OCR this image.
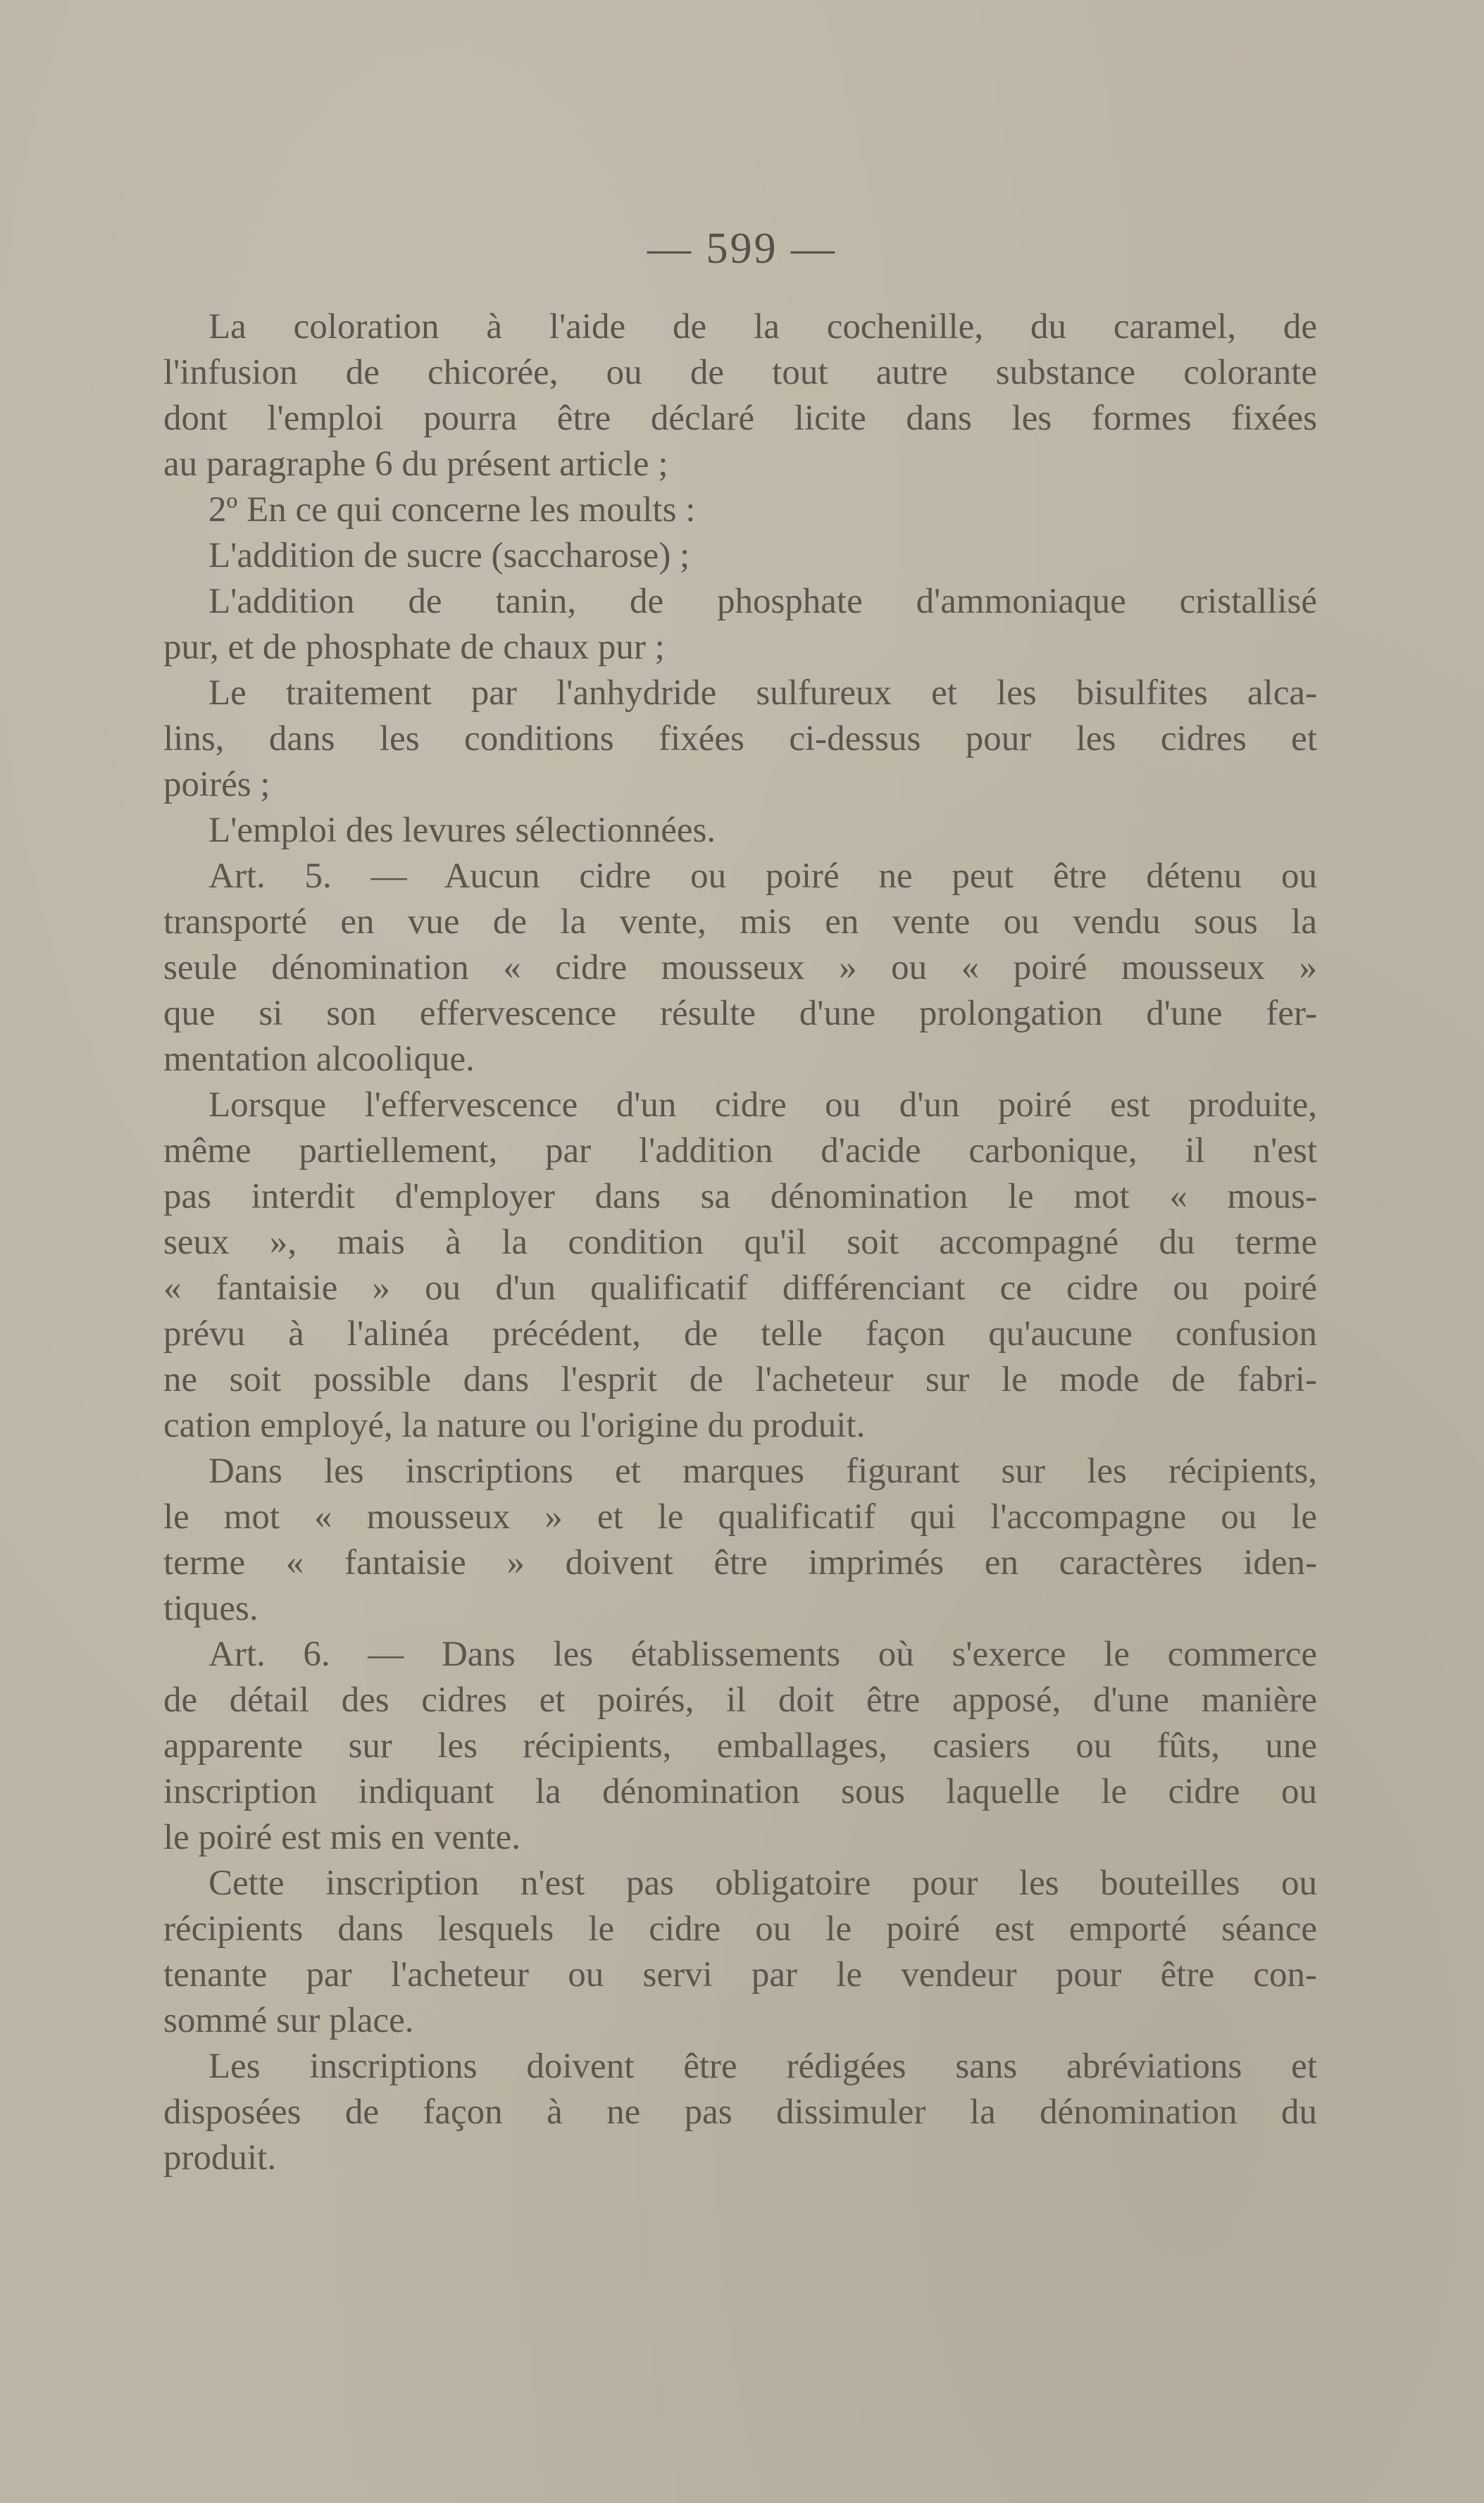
— 599 —
La coloration à l'aide de la cochenille, du caramel, de
l'infusion de chicorée, ou de tout autre substance colorante
dont l'emploi pourra être déclaré licite dans les formes fixées
au paragraphe 6 du présent article ;
2º En ce qui concerne les moults :
L'addition de sucre (saccharose) ;
L'addition de tanin, de phosphate d'ammoniaque cristallisé
pur, et de phosphate de chaux pur ;
Le traitement par l'anhydride sulfureux et les bisulfites alca-
lins, dans les conditions fixées ci-dessus pour les cidres et
poirés ;
L'emploi des levures sélectionnées.
Art. 5. — Aucun cidre ou poiré ne peut être détenu ou
transporté en vue de la vente, mis en vente ou vendu sous la
seule dénomination « cidre mousseux » ou « poiré mousseux »
que si son effervescence résulte d'une prolongation d'une fer-
mentation alcoolique.
Lorsque l'effervescence d'un cidre ou d'un poiré est produite,
même partiellement, par l'addition d'acide carbonique, il n'est
pas interdit d'employer dans sa dénomination le mot « mous-
seux », mais à la condition qu'il soit accompagné du terme
« fantaisie » ou d'un qualificatif différenciant ce cidre ou poiré
prévu à l'alinéa précédent, de telle façon qu'aucune confusion
ne soit possible dans l'esprit de l'acheteur sur le mode de fabri-
cation employé, la nature ou l'origine du produit.
Dans les inscriptions et marques figurant sur les récipients,
le mot « mousseux » et le qualificatif qui l'accompagne ou le
terme « fantaisie » doivent être imprimés en caractères iden-
tiques.
Art. 6. — Dans les établissements où s'exerce le commerce
de détail des cidres et poirés, il doit être apposé, d'une manière
apparente sur les récipients, emballages, casiers ou fûts, une
inscription indiquant la dénomination sous laquelle le cidre ou
le poiré est mis en vente.
Cette inscription n'est pas obligatoire pour les bouteilles ou
récipients dans lesquels le cidre ou le poiré est emporté séance
tenante par l'acheteur ou servi par le vendeur pour être con-
sommé sur place.
Les inscriptions doivent être rédigées sans abréviations et
disposées de façon à ne pas dissimuler la dénomination du
produit.
